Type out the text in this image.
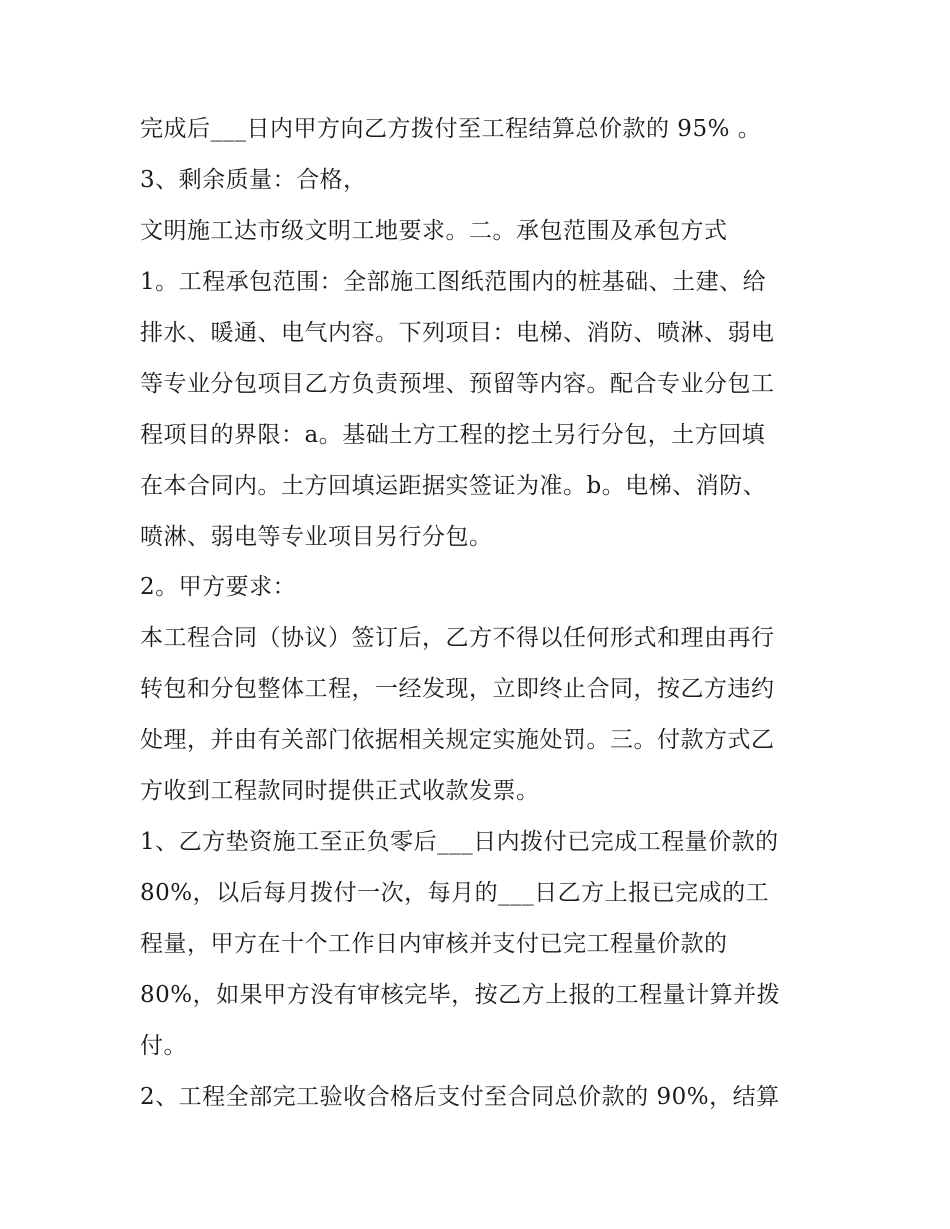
完成后___日内甲方向乙方拨付至工程结算总价款的 95% 。
3、剩余质量：合格，
文明施工达市级文明工地要求。二。承包范围及承包方式
1。工程承包范围：全部施工图纸范围内的桩基础、土建、给
排水、暖通、电气内容。下列项目：电梯、消防、喷淋、弱电
等专业分包项目乙方负责预埋、预留等内容。配合专业分包工
程项目的界限：a。基础土方工程的挖土另行分包，土方回填
在本合同内。土方回填运距据实签证为准。b。电梯、消防、
喷淋、弱电等专业项目另行分包。
2。甲方要求：
本工程合同（协议）签订后，乙方不得以任何形式和理由再行
转包和分包整体工程，一经发现，立即终止合同，按乙方违约
处理，并由有关部门依据相关规定实施处罚。三。付款方式乙
方收到工程款同时提供正式收款发票。
1、乙方垫资施工至正负零后___日内拨付已完成工程量价款的
80%，以后每月拨付一次，每月的___日乙方上报已完成的工
程量，甲方在十个工作日内审核并支付已完工程量价款的
80%，如果甲方没有审核完毕，按乙方上报的工程量计算并拨
付。
2、工程全部完工验收合格后支付至合同总价款的 90%，结算
